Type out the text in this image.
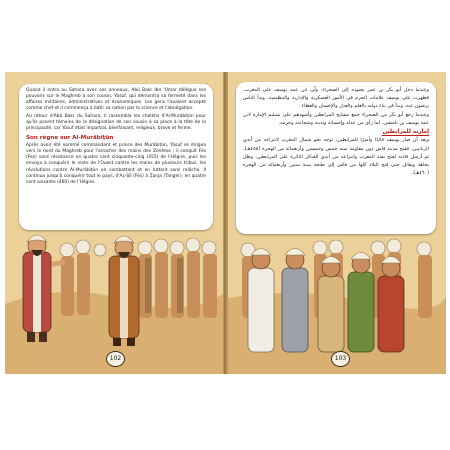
Quand il entra au Sahara avec ses anneaux, Abû Bakr Ibn 'Umar délégua ses pouvoirs sur le Maghreb à son cousin, Yûsuf, qui démontra sa fermeté dans les affaires militaires, administratives et économiques. Les gens l'avaient accepté comme chef et il commença à bâtir sa nation par la science et l'abnégation.

Au retour d'Abû Bakr du Sahara, il rassembla les cheikhs d'Al-Murâbiṭûn pour qu'ils posent témoins de la désignation de son cousin à sa place à la tête de la principauté, car Yûsuf était impartial, bienfaisant, religieux, brave et ferme.

Son règne sur Al-Murâbiṭûn

Après avoir été nommé commandant et prince des Murâbiṭûn, Yûsuf se dirigea vers le nord du Maghreb pour l'arracher des mains des Zenètes ; il conquit Fès (Fez) sans résistance en quatre cent cinquante-cinq (455) de l'Hégire, puis les envoya à conquérir le reste de l'Ouest contre les mains de plusieurs tribus, les révolutions contre Al-Murâbiṭûn en combattant et en luttant sans relâche. Il continua jusqu'à conquérir tout le pays, d'Aṣ-Ṣîl (Fès) à Ẓanja (Tanger), en quatre cent soixante (460) de l'Hégire.

102

وعندما دخل أبو بكر بن عمر بجنوده إلى الصحراء، ولّى ابن عمه يوسف على المغرب، فظهرت على يوسف علامات الحزم في الأمور العسكرية والإدارية والتنظيمية، وبدأ الناس يرضون عنه، وبدأ في بناء دولته بالعلم والعدل والإحسان والعطاء.

وعندما رجع أبو بكر من الصحراء جمع مشايخ المرابطين وأشهدهم على تسليم الإمارة لابن عمه يوسف بن تاشفين، لما رأى من عدله وإحسانه وتدينه وشجاعته وحزمه.

إمارته للمرابطين

وبعد أن صار يوسف قائدًا وأميرًا للمرابطين، توجه نحو شمال المغرب لانتزاعه من أيدي الزناتيين، ففتح مدينة فاس دون مقاومة سنة خمس وخمسين وأربعمائة من الهجرة (٤٥٥هـ)، ثم أرسل قادته لفتح بقية المغرب وانتزاعه من أيدي القبائل الثائرة على المرابطين، وظل يجاهد ويقاتل حتى فتح البلاد كلها من فاس إلى طنجة سنة ستين وأربعمائة من الهجرة (٤٦٠هـ).

103
